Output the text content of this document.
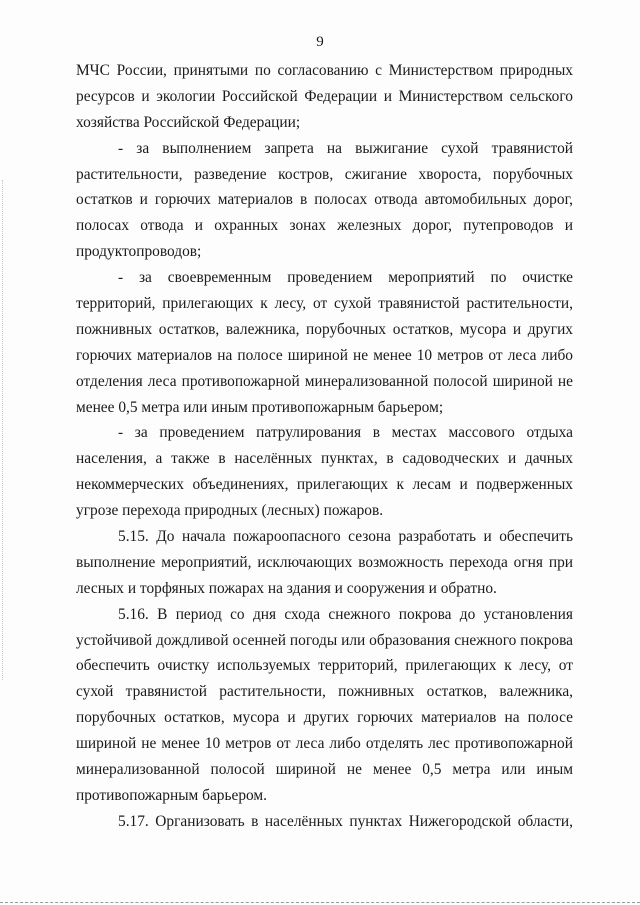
9
МЧС России, принятыми по согласованию с Министерством природных
ресурсов и экологии Российской Федерации и Министерством сельского
хозяйства Российской Федерации;
- за выполнением запрета на выжигание сухой травянистой
растительности, разведение костров, сжигание хвороста, порубочных
остатков и горючих материалов в полосах отвода автомобильных дорог,
полосах отвода и охранных зонах железных дорог, путепроводов и
продуктопроводов;
- за своевременным проведением мероприятий по очистке
территорий, прилегающих к лесу, от сухой травянистой растительности,
пожнивных остатков, валежника, порубочных остатков, мусора и других
горючих материалов на полосе шириной не менее 10 метров от леса либо
отделения леса противопожарной минерализованной полосой шириной не
менее 0,5 метра или иным противопожарным барьером;
- за проведением патрулирования в местах массового отдыха
населения, а также в населённых пунктах, в садоводческих и дачных
некоммерческих объединениях, прилегающих к лесам и подверженных
угрозе перехода природных (лесных) пожаров.
5.15. До начала пожароопасного сезона разработать и обеспечить
выполнение мероприятий, исключающих возможность перехода огня при
лесных и торфяных пожарах на здания и сооружения и обратно.
5.16. В период со дня схода снежного покрова до установления
устойчивой дождливой осенней погоды или образования снежного покрова
обеспечить очистку используемых территорий, прилегающих к лесу, от
сухой травянистой растительности, пожнивных остатков, валежника,
порубочных остатков, мусора и других горючих материалов на полосе
шириной не менее 10 метров от леса либо отделять лес противопожарной
минерализованной полосой шириной не менее 0,5 метра или иным
противопожарным барьером.
5.17. Организовать в населённых пунктах Нижегородской области,
